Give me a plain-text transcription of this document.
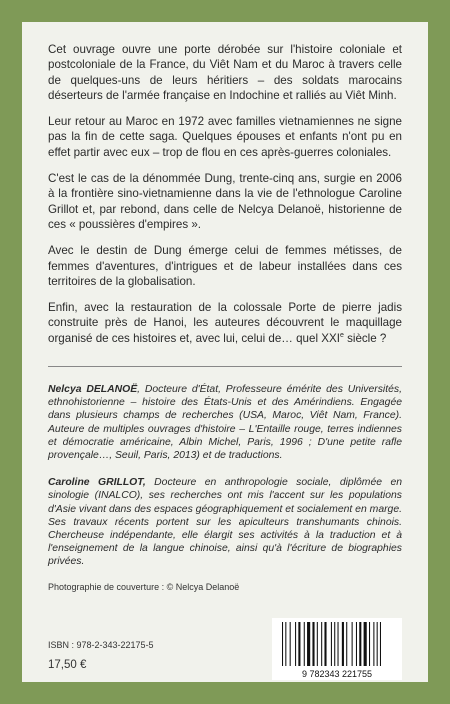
Cet ouvrage ouvre une porte dérobée sur l'histoire coloniale et postcoloniale de la France, du Viêt Nam et du Maroc à travers celle de quelques-uns de leurs héritiers – des soldats marocains déserteurs de l'armée française en Indochine et ralliés au Viêt Minh.

Leur retour au Maroc en 1972 avec familles vietnamiennes ne signe pas la fin de cette saga. Quelques épouses et enfants n'ont pu en effet partir avec eux – trop de flou en ces après-guerres coloniales.

C'est le cas de la dénommée Dung, trente-cinq ans, surgie en 2006 à la frontière sino-vietnamienne dans la vie de l'ethnologue Caroline Grillot et, par rebond, dans celle de Nelcya Delanoë, historienne de ces « poussières d'empires ».

Avec le destin de Dung émerge celui de femmes métisses, de femmes d'aventures, d'intrigues et de labeur installées dans ces territoires de la globalisation.

Enfin, avec la restauration de la colossale Porte de pierre jadis construite près de Hanoi, les auteures découvrent le maquillage organisé de ces histoires et, avec lui, celui de… quel XXIe siècle ?

Nelcya DELANOË, Docteure d'État, Professeure émérite des Universités, ethnohistorienne – histoire des États-Unis et des Amérindiens. Engagée dans plusieurs champs de recherches (USA, Maroc, Viêt Nam, France). Auteure de multiples ouvrages d'histoire – L'Entaille rouge, terres indiennes et démocratie américaine, Albin Michel, Paris, 1996 ; D'une petite rafle provençale…, Seuil, Paris, 2013) et de traductions.

Caroline GRILLOT, Docteure en anthropologie sociale, diplômée en sinologie (INALCO), ses recherches ont mis l'accent sur les populations d'Asie vivant dans des espaces géographiquement et socialement en marge. Ses travaux récents portent sur les apiculteurs transhumants chinois. Chercheuse indépendante, elle élargit ses activités à la traduction et à l'enseignement de la langue chinoise, ainsi qu'à l'écriture de biographies privées.

Photographie de couverture : © Nelcya Delanoë
ISBN : 978-2-343-22175-5
17,50 €
9 782343 221755
